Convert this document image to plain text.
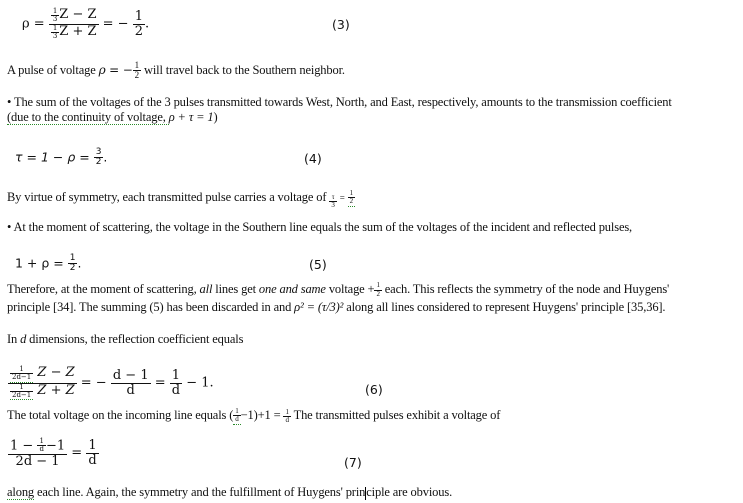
$\rho = \frac{\frac{1}{3} Z - Z}{\frac{1}{3} Z + Z}$ = − $\frac{1}{2}$ .	(3)
A pulse of voltage ρ = − $\frac{1}{2}$ will travel back to the Southern neighbor.
• The sum of the voltages of the 3 pulses transmitted towards West, North, and East, respectively, amounts to the transmission coefficient
(due to the continuity of voltage, ρ + τ = 1)
$\tau = 1 - \rho = \frac{3}{2}$ .	(4)
By virtue of symmetry, each transmitted pulse carries a voltage of $\frac{\tau}{3} = \frac{1}{2}$
• At the moment of scattering, the voltage in the Southern line equals the sum of the voltages of the incident and reflected pulses,
$1 + \rho = \frac{1}{2}$ .	(5)
Therefore, at the moment of scattering, all lines get one and same voltage + $\frac{1}{2}$ each. This reflects the symmetry of the node and Huygens'
principle [34]. The summing (5) has been discarded in and ρ² = (τ/3)² along all lines considered to represent Huygens' principle [35,36].
In d dimensions, the reflection coefficient equals
$\frac{\frac{1}{2d-1} Z - Z}{\frac{1}{2d-1} Z + Z}$ = − $\frac{d - 1}{d} = \frac{1}{d} - 1$.	(6)
The total voltage on the incoming line equals ( $\frac{1}{d} -1)+1 = \frac{1}{d}$ The transmitted pulses exhibit a voltage of
$\frac{1 - \frac{1}{d} -1}{2d - 1} = \frac{1}{d}$	(7)
along each line. Again, the symmetry and the fulfillment of Huygens' principle are obvious.
